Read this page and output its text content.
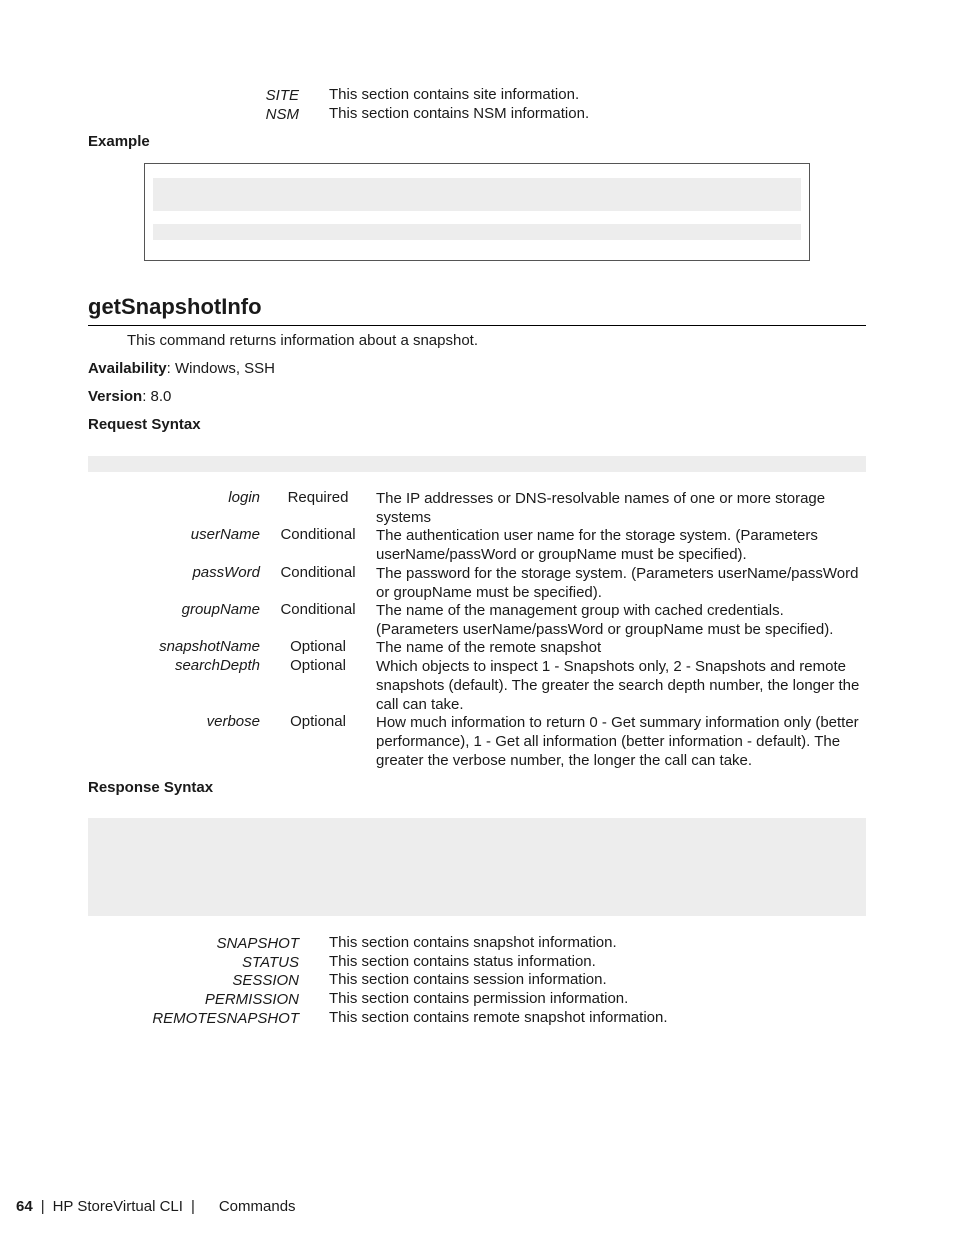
SITE This section contains site information.
NSM This section contains NSM information.
Example
getSnapshotInfo
This command returns information about a snapshot.
Availability: Windows, SSH
Version: 8.0
Request Syntax
login	Required	The IP addresses or DNS-resolvable names of one or more storage systems
userName Conditional The authentication user name for the storage system. (Parameters userName/passWord or groupName must be specified).
passWord Conditional The password for the storage system. (Parameters userName/passWord or groupName must be specified).
groupName Conditional The name of the management group with cached credentials. (Parameters userName/passWord or groupName must be specified).
snapshotName	Optional	The name of the remote snapshot
searchDepth	Optional	Which objects to inspect 1 - Snapshots only, 2 - Snapshots and remote snapshots (default). The greater the search depth number, the longer the call can take.
verbose	Optional	How much information to return 0 - Get summary information only (better performance), 1 - Get all information (better information - default). The greater the verbose number, the longer the call can take.
Response Syntax
SNAPSHOT This section contains snapshot information.
STATUS This section contains status information.
SESSION This section contains session information.
PERMISSION This section contains permission information.
REMOTESNAPSHOT This section contains remote snapshot information.
64 | HP StoreVirtual CLI | Commands
